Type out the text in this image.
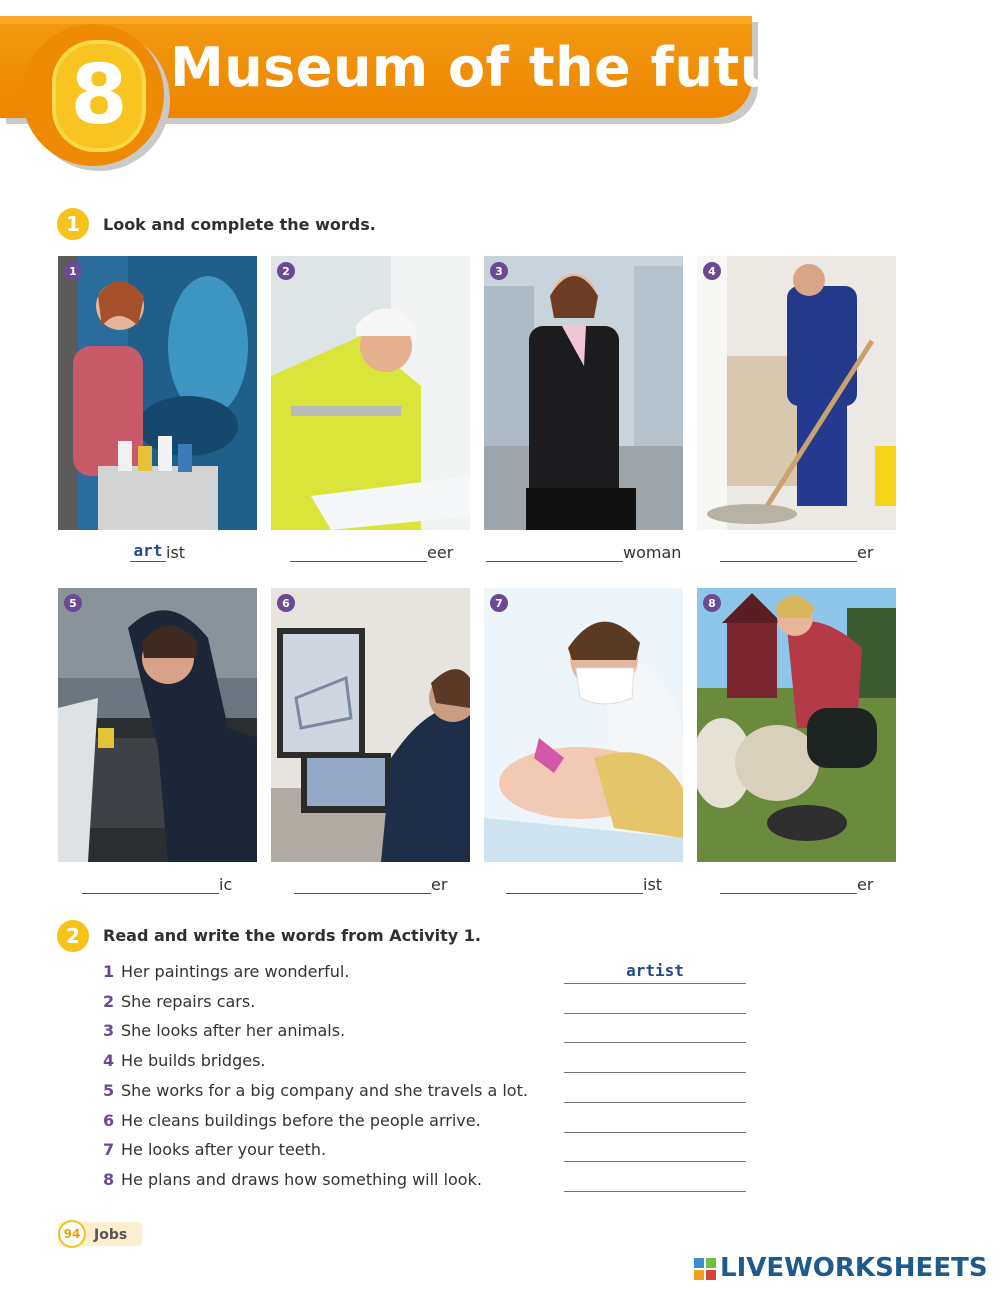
8 Museum of the future
1	Look and complete the words.
1	2	3	4
art ist	eer	woman	er
5	6	7	8
ic	er	ist	er
2	Read and write the words from Activity 1.
1 Her paintings are wonderful.	artist
2 She repairs cars.
3 She looks after her animals.
4 He builds bridges.
5 She works for a big company and she travels a lot.
6 He cleans buildings before the people arrive.
7 He looks after your teeth.
8 He plans and draws how something will look.
94 Jobs
LIVEWORKSHEETS
